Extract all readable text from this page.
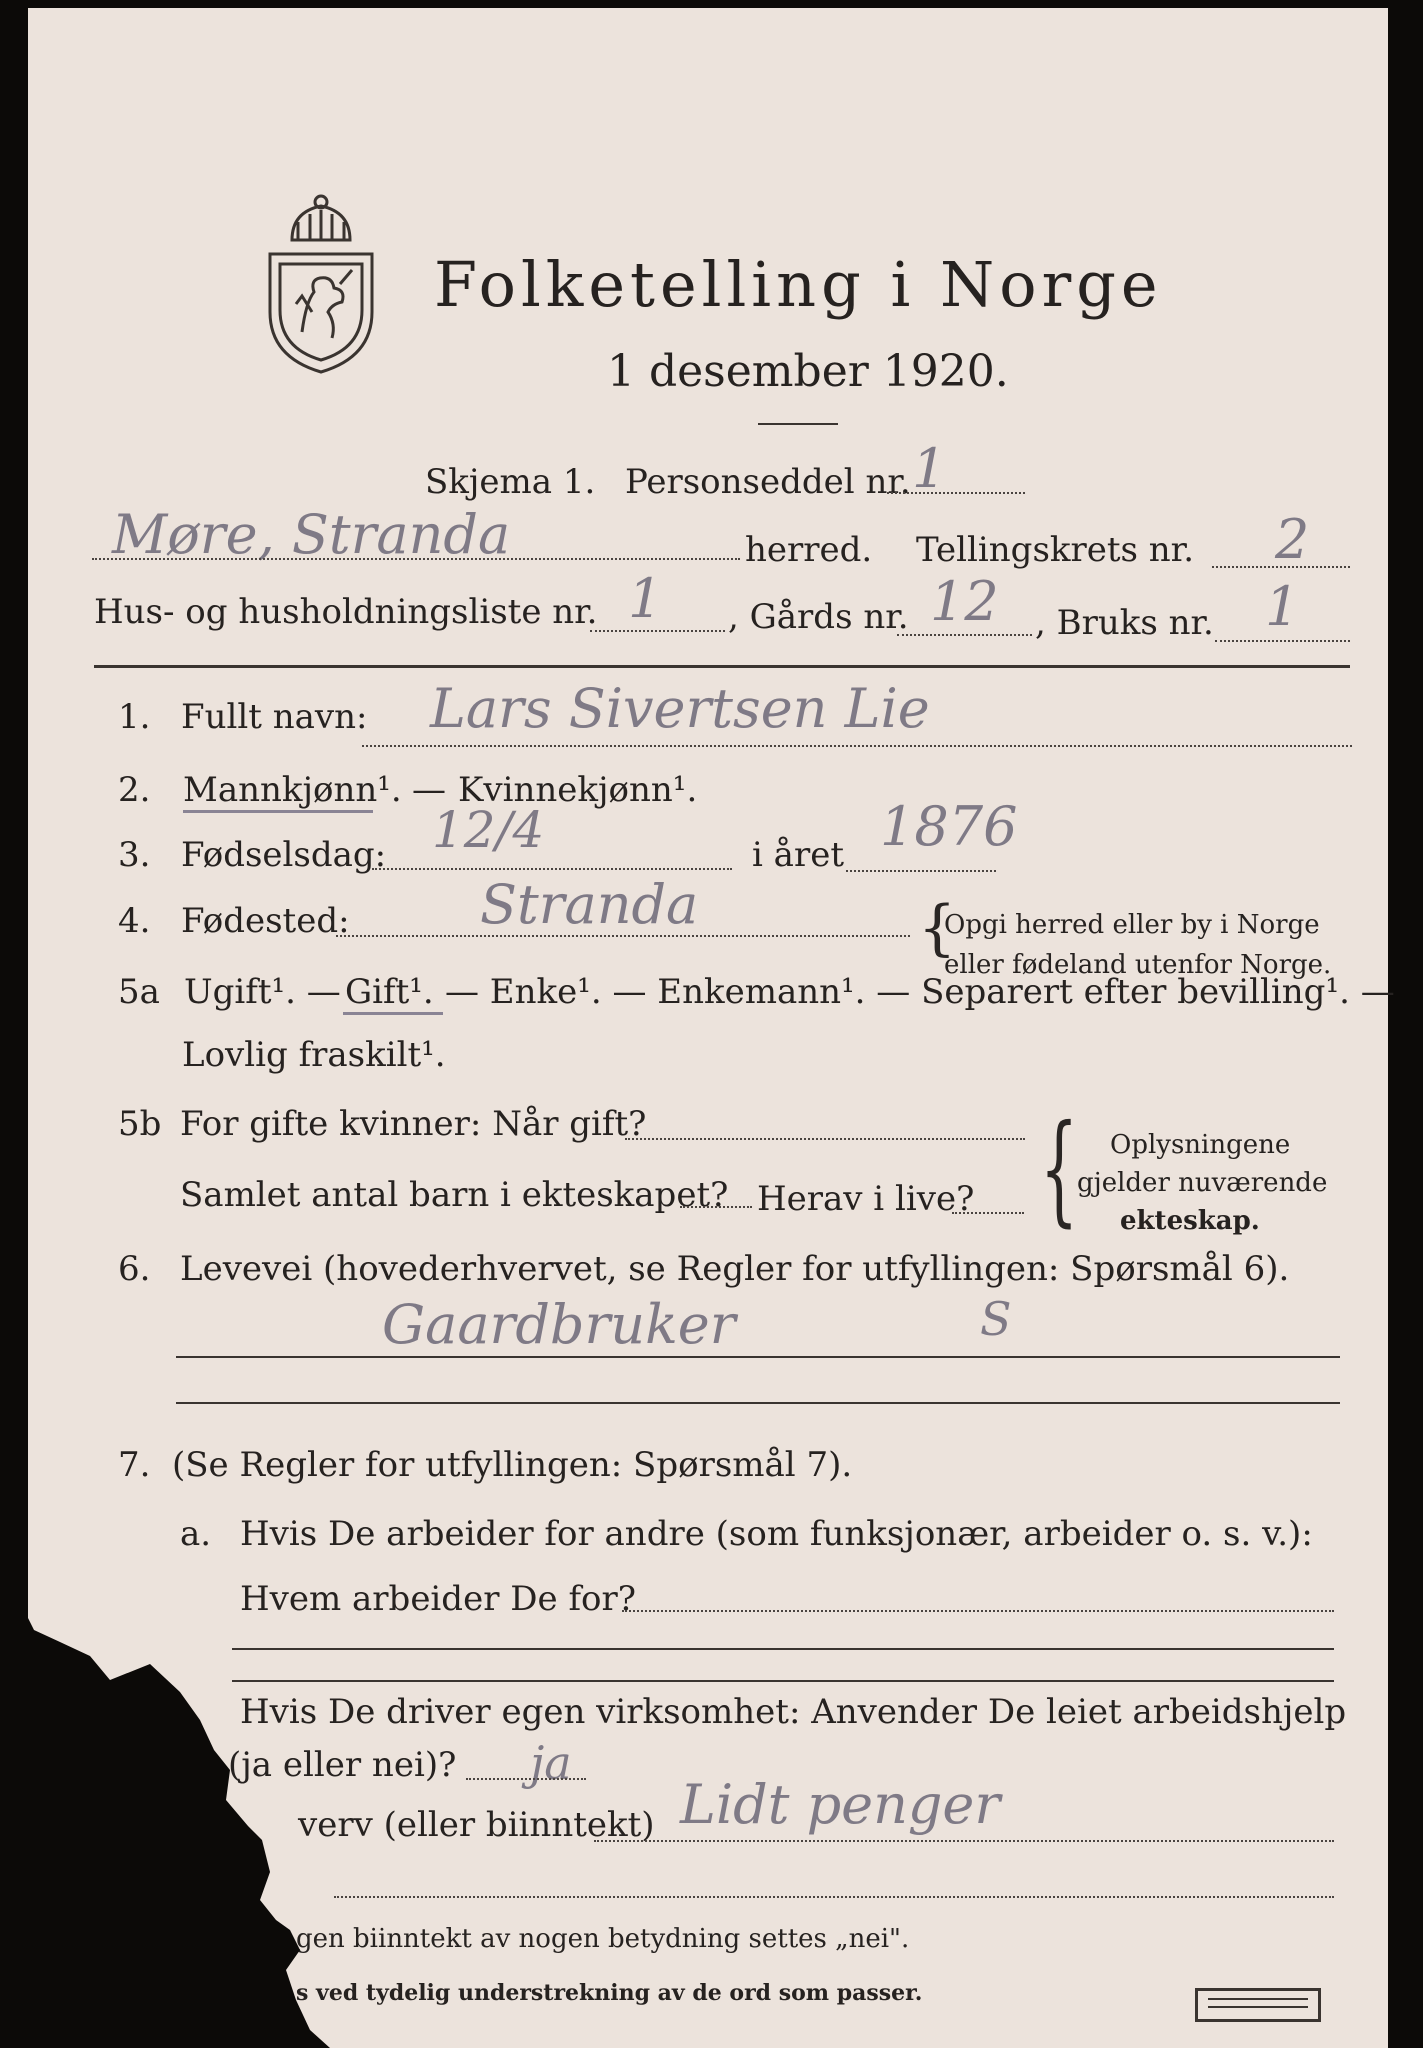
Folketelling i Norge
1 desember 1920.
Skjema 1. Personseddel nr. 1
Møre, Stranda	herred. Tellingskrets nr. 2
Hus- og husholdningsliste nr. 1 , Gårds nr. 12 , Bruks nr. 1
1. Fullt navn: Lars Sivertsen Lie
2. Mannkjønn¹. — Kvinnekjønn¹.
3. Fødselsdag: 12/4	i året 1876
4. Fødested: Stranda	{
Opgi herred eller by i Norge
eller fødeland utenfor Norge.
5a Ugift¹. — Gift¹. — Enke¹. — Enkemann¹. — Separert efter bevilling¹. —
Lovlig fraskilt¹.
5b For gifte kvinner: Når gift?
Samlet antal barn i ekteskapet? Herav i live? { Oplysningene
gjelder nuværende
ekteskap.
6. Levevei (hovederhvervet, se Regler for utfyllingen: Spørsmål 6).
Gaardbruker	S
7. (Se Regler for utfyllingen: Spørsmål 7).
a. Hvis De arbeider for andre (som funksjonær, arbeider o. s. v.):
Hvem arbeider De for?
Hvis De driver egen virksomhet: Anvender De leiet arbeidshjelp
(ja eller nei)? ja
verv (eller biinntekt) Lidt penger
gen biinntekt av nogen betydning settes „nei".
s ved tydelig understrekning av de ord som passer.
